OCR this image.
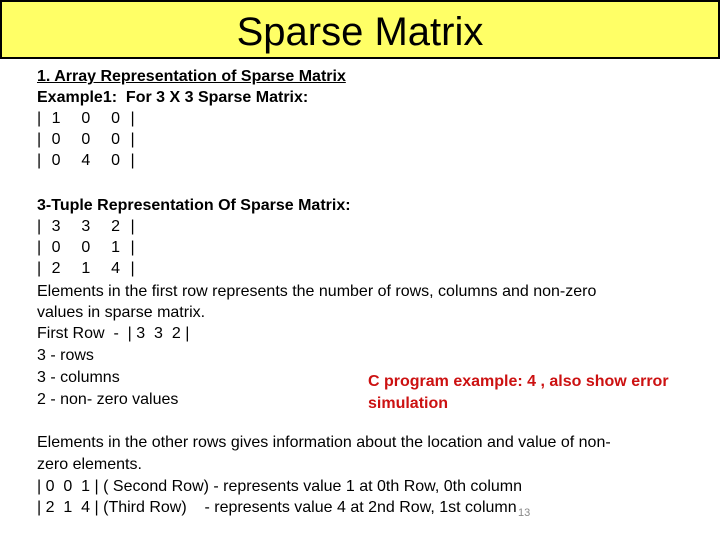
Sparse Matrix
1. Array Representation of Sparse Matrix
Example1:  For 3 X 3 Sparse Matrix:
| 1  0  0 |
| 0  0  0 |
| 0  4  0 |
3-Tuple Representation Of Sparse Matrix:
| 3  3  2 |
| 0  0  1 |
| 2  1  4 |
Elements in the first row represents the number of rows, columns and non-zero
values in sparse matrix.
First Row  -  | 3  3  2 |
3 - rows
3 - columns
2 - non- zero values
C program example: 4 , also show error
simulation
Elements in the other rows gives information about the location and value of non-
zero elements.
| 0  0  1 | ( Second Row) - represents value 1 at 0th Row, 0th column
| 2  1  4 | (Third Row)    - represents value 4 at 2nd Row, 1st column 13
